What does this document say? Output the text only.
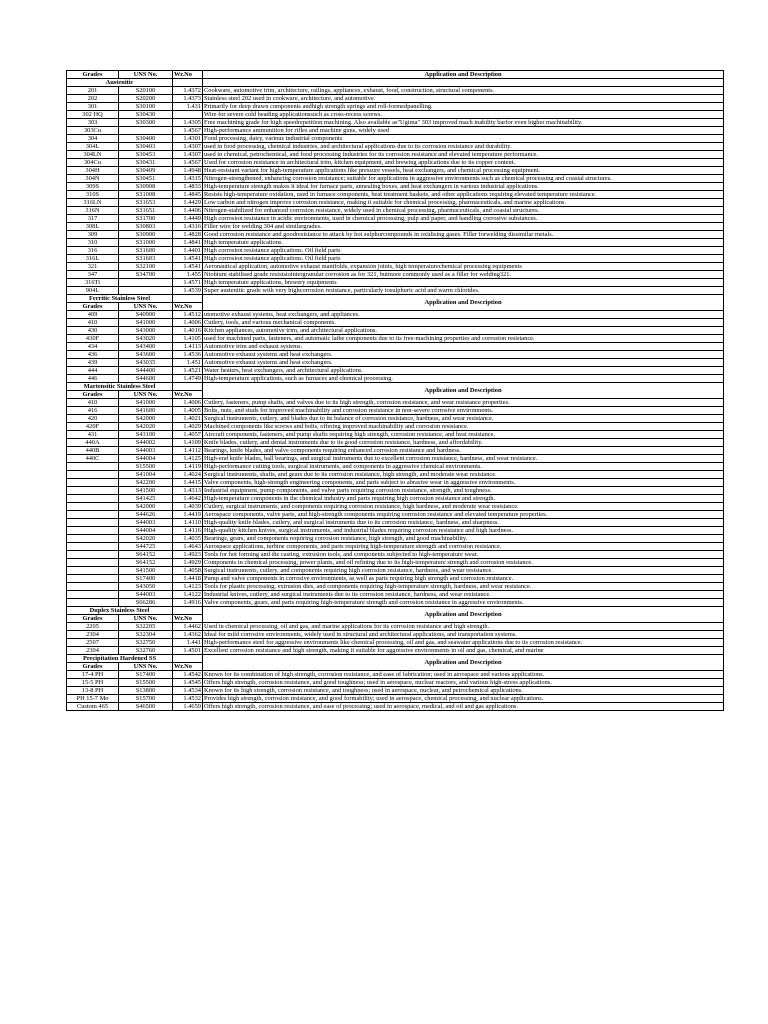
Grades	UNS No.	Wr.No	Application and Description
Austenitic			
201	S20100	1.4372	Cookware, automotive trim, architecture, railings, appliances, exhaust, food, construction, structural components.
202	S20200	1.4373	Stainless steel 202 used in cookware, architecture, and automotive.
301	S30100	1.431	Primarily for deep drawn components andhigh strength springs and roll-formedpanelling.
302 HQ	S30430		Wire for severe cold heading applicationssuch as cross-recess screws.
303	S30300	1.4305	Free machining grade for high speedrepetition machining. Also available as"Ugima" 303 improved mach inability barfor even higher machinability.
303Cu		1.4567	High-performance ammunition for rifles and machine guns, widely used
304	S30400	1.4301	Food processing, dairy, various industrial components
304L	S30403	1.4307	used in food processing, chemical industries, and architectural applications due to its corrosion resistance and durability.
304LN	S30453	1.4307	used in chemical, petrochemical, and food processing industries for its corrosion resistance and elevated temperature performance.
304Cu	S30431	1.4567	Used for corrosion resistance in architectural trim, kitchen equipment, and brewing applications due to its copper content.
304H	S30409	1.4948	Heat-resistant variant for high-temperature applications like pressure vessels, heat exchangers, and chemical processing equipment.
304N	S30451	1.4315	Nitrogen-strengthened, enhancing corrosion resistance; suitable for applications in aggressive environments such as chemical processing and coastal structures.
309S	S30908	1.4833	High-temperature strength makes it ideal for furnace parts, annealing boxes, and heat exchangers in various industrial applications.
310S	S31008	1.4845	Resists high-temperature oxidation, used in furnace components, heat treatment baskets, and other applications requiring elevated temperature resistance.
316LN	S31653	1.4429	Low carbon and nitrogen improve corrosion resistance, making it suitable for chemical processing, pharmaceuticals, and marine applications.
316N	S31651	1.4406	Nitrogen-stabilized for enhanced corrosion resistance, widely used in chemical processing, pharmaceuticals, and coastal structures.
317	S31700	1.4449	High corrosion resistance in acidic environments, used in chemical processing, pulp and paper, and handling corrosive substances.
308L	S30803	1.4316	Filler wire for welding 304 and similargrades.
309	S30900	1.4828	Good corrosion resistance and goodresistance to attack by hot sulphurcompounds in oxidising gases. Filler forwelding dissimilar metals.
310	S31000	1.4841	High temperature applications.
316	S31600	1.4401	High corrosion resistance applications. Oil field parts
316L	S31603	1.4541	High corrosion resistance applications. Oil field parts
321	S32100	1.4541	Aeronautical application, automotive exhaust manifolds, expansion joints, high temperaturechemical processing equipments
347	S34700	1.455	Niobium stabilised grade resiststointergranular corrosion as for 321, butmore commonly used as a filler for welding321.
316Ti		1.4571	High temperature applications, brewery equipments
904L		1.4539	Super austenitic grade with very highcorrosion resistance, particularly tosulphuric acid and warm chlorides.
Ferritic Stainless Steel			Application and Description
Grades	UNS No.	Wr.No	
409	S40900	1.4512	utomotive exhaust systems, heat exchangers, and appliances.
410	S41000	1.4006	Cutlery, tools, and various mechanical components.
430	S43000	1.4016	Kitchen appliances, automotive trim, and architectural applications.
430F	S43020	1.4105	used for machined parts, fasteners, and automatic lathe components due to its free-machining properties and corrosion resistance.
434	S43400	1.4113	Automotive trim and exhaust systems.
436	S43600	1.4536	Automotive exhaust systems and heat exchangers.
439	S43035	1.451	Automotive exhaust systems and heat exchangers.
444	S44400	1.4521	Water heaters, heat exchangers, and architectural applications.
446	S44600	1.4749	High-temperature applications, such as furnaces and chemical processing.
Martensitic Stainless Steel			Application and Description
Grades	UNS No.	Wr.No	
410	S41000	1.4006	Cutlery, fasteners, pump shafts, and valves due to its high strength, corrosion resistance, and wear resistance properties.
416	S41600	1.4005	Bolts, nuts, and studs for improved machinability and corrosion resistance in non-severe corrosive environments.
420	S42000	1.4021	Surgical instruments, cutlery, and blades due to its balance of corrosion resistance, hardness, and wear resistance.
420F	S42020	1.4029	Machined components like screws and bolts, offering improved machinability and corrosion resistance.
431	S43100	1.4057	Aircraft components, fasteners, and pump shafts requiring high strength, corrosion resistance, and heat resistance.
440A	S44002	1.4109	Knife blades, cutlery, and dental instruments due to its good corrosion resistance, hardness, and affordability.
440B	S44003	1.4112	Bearings, knife blades, and valve components requiring enhanced corrosion resistance and hardness.
440C	S44004	1.4125	High-end knife blades, ball bearings, and surgical instruments due to excellent corrosion resistance, hardness, and wear resistance.
	S15500	1.4119	High-performance cutting tools, surgical instruments, and components in aggressive chemical environments.
	S41004	1.4024	Surgical instruments, shafts, and gears due to its corrosion resistance, high strength, and moderate wear resistance.
	S42200	1.4415	Valve components, high-strength engineering components, and parts subject to abrasive wear in aggressive environments.
	S41500	1.4313	Industrial equipment, pump components, and valve parts requiring corrosion resistance, strength, and toughness.
	S41425	1.4642	High-temperature components in the chemical industry and parts requiring high corrosion resistance and strength.
	S42000	1.4039	Cutlery, surgical instruments, and components requiring corrosion resistance, high hardness, and moderate wear resistance.
	S44626	1.4419	Aerospace components, valve parts, and high-strength components requiring corrosion resistance and elevated temperature properties.
	S44003	1.4110	High-quality knife blades, cutlery, and surgical instruments due to its corrosion resistance, hardness, and sharpness.
	S44004	1.4116	High-quality kitchen knives, surgical instruments, and industrial blades requiring corrosion resistance and high hardness.
	S42020	1.4035	Bearings, gears, and components requiring corrosion resistance, high strength, and good machinability.
	S44725	1.4643	Aerospace applications, turbine components, and parts requiring high-temperature strength and corrosion resistance.
	S64152	1.4923	Tools for hot forming and die casting, extrusion tools, and components subjected to high-temperature wear.
	S64152	1.4929	Components in chemical processing, power plants, and oil refining due to its high-temperature strength and corrosion resistance.
	S41500	1.4058	Surgical instruments, cutlery, and components requiring high corrosion resistance, hardness, and wear resistance.
	S17400	1.4418	Pump and valve components in corrosive environments, as well as parts requiring high strength and corrosion resistance.
	S43050	1.4123	Tools for plastic processing, extrusion dies, and components requiring high-temperature strength, hardness, and wear resistance.
	S44003	1.4122	Industrial knives, cutlery, and surgical instruments due to its corrosion resistance, hardness, and wear resistance.
	S66286	1.4916	Valve components, gears, and parts requiring high-temperature strength and corrosion resistance in aggressive environments.
Duplex Stainless Steel			Application and Description
Grades	UNS No.	Wr.No	
2205	S32205	1.4462	Used in chemical processing, oil and gas, and marine applications for its corrosion resistance and high strength.
2304	S32304	1.4362	Ideal for mild corrosive environments, widely used in structural and architectural applications, and transportation systems.
2507	S32750	1.441	High-performance steel for aggressive environments like chemical processing, oil and gas, and seawater applications due to its corrosion resistance.
2304	S32760	1.4501	Excellent corrosion resistance and high strength, making it suitable for aggressive environments in oil and gas, chemical, and marine
Precipitation Hardened SS			Application and Description
Grades	UNS No.	Wr.No	
17-4 PH	S17400	1.4542	Known for its combination of high strength, corrosion resistance, and ease of fabrication; used in aerospace and various applications.
15-5 PH	S15500	1.4545	Offers high strength, corrosion resistance, and good toughness; used in aerospace, nuclear reactors, and various high-stress applications.
13-8 PH	S13800	1.4534	Known for its high strength, corrosion resistance, and toughness; used in aerospace, nuclear, and petrochemical applications.
PH 15-7 Mo	S15700	1.4532	Provides high strength, corrosion resistance, and good formability; used in aerospace, chemical processing, and nuclear applications.
Custom 465	S46500	1.4659	Offers high strength, corrosion resistance, and ease of processing; used in aerospace, medical, and oil and gas applications.
